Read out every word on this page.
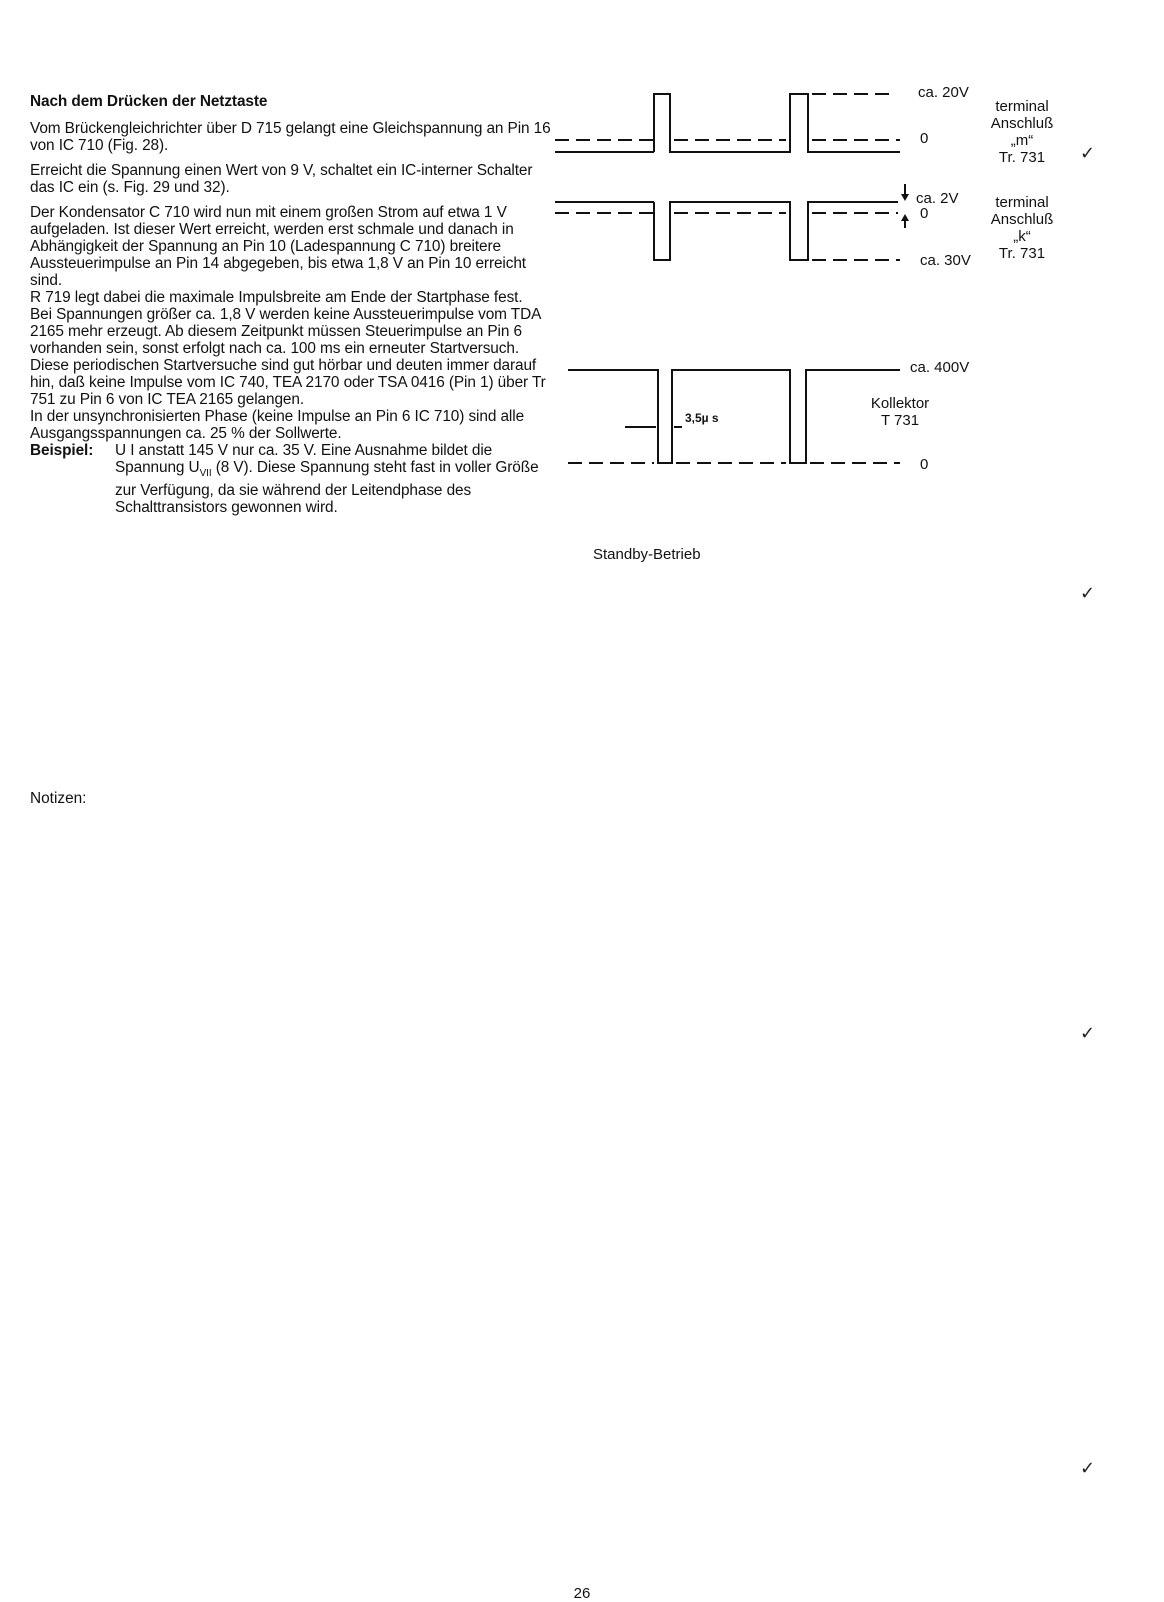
Nach dem Drücken der Netztaste

Vom Brückengleichrichter über D 715 gelangt eine Gleichspannung an Pin 16 von IC 710 (Fig. 28).

Erreicht die Spannung einen Wert von 9 V, schaltet ein IC-interner Schalter das IC ein (s. Fig. 29 und 32).

Der Kondensator C 710 wird nun mit einem großen Strom auf etwa 1 V aufgeladen. Ist dieser Wert erreicht, werden erst schmale und danach in Abhängigkeit der Spannung an Pin 10 (Ladespannung C 710) breitere Aussteuerimpulse an Pin 14 abgegeben, bis etwa 1,8 V an Pin 10 erreicht sind.

R 719 legt dabei die maximale Impulsbreite am Ende der Startphase fest.

Bei Spannungen größer ca. 1,8 V werden keine Aussteuerimpulse vom TDA 2165 mehr erzeugt. Ab diesem Zeitpunkt müssen Steuerimpulse an Pin 6 vorhanden sein, sonst erfolgt nach ca. 100 ms ein erneuter Startversuch.

Diese periodischen Startversuche sind gut hörbar und deuten immer darauf hin, daß keine Impulse vom IC 740, TEA 2170 oder TSA 0416 (Pin 1) über Tr 751 zu Pin 6 von IC TEA 2165 gelangen.

In der unsynchronisierten Phase (keine Impulse an Pin 6 IC 710) sind alle Ausgangsspannungen ca. 25 % der Sollwerte.

Beispiel:	U I anstatt 145 V nur ca. 35 V. Eine Ausnahme bildet die Spannung $U_{VII}$ (8 V). Diese Spannung steht fast in voller Größe zur Verfügung, da sie während der Leitendphase des Schalttransistors gewonnen wird.
ca. 20V
0
terminal
Anschluß
„m“
Tr. 731
ca. 2V
0
ca. 30V
terminal
Anschluß
„k“
Tr. 731
ca. 400V
0
3,5µ s
Kollektor
T 731
Standby-Betrieb
Notizen:
✓
✓
✓
✓
26
